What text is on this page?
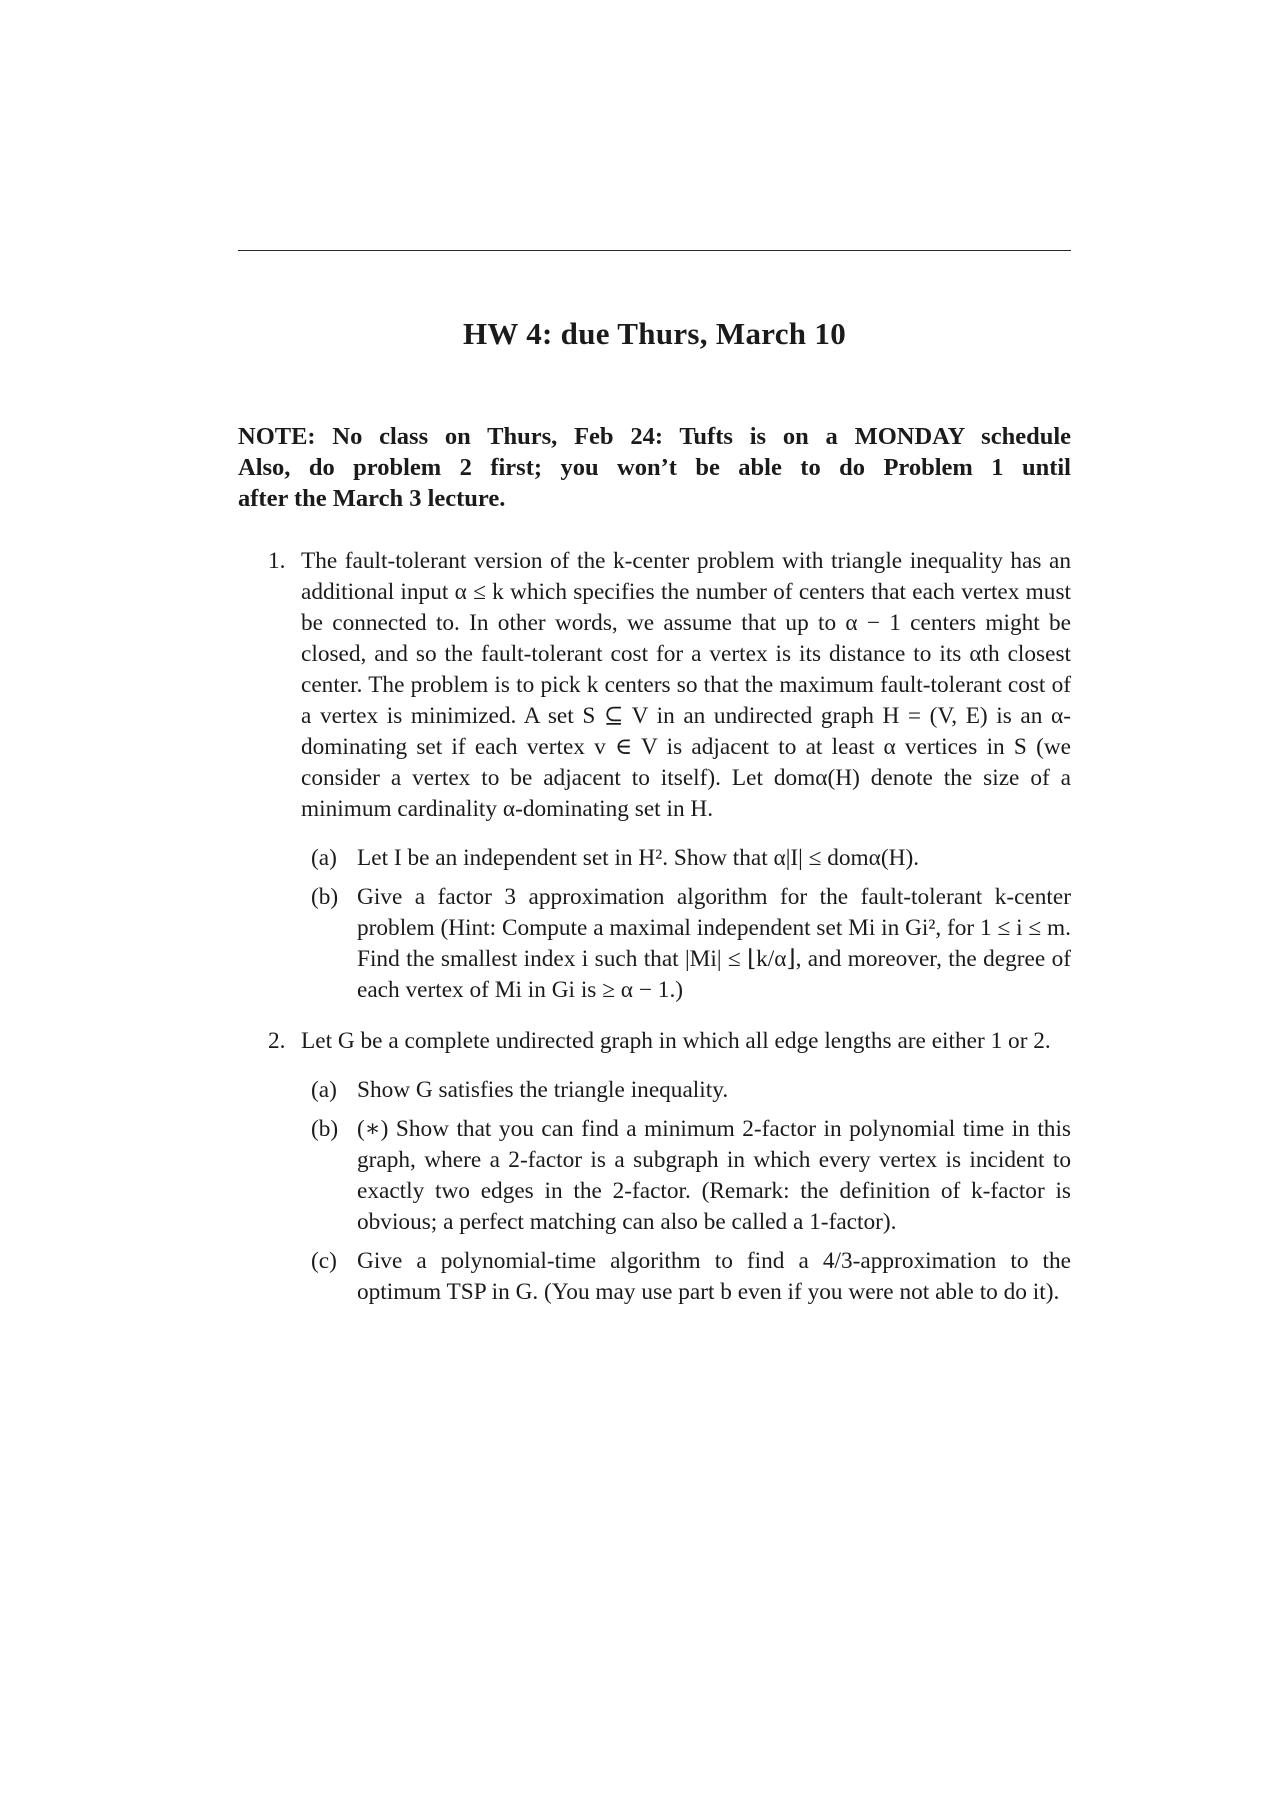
HW 4: due Thurs, March 10
NOTE: No class on Thurs, Feb 24: Tufts is on a MONDAY schedule
Also, do problem 2 first; you won’t be able to do Problem 1 until
after the March 3 lecture.
1. The fault-tolerant version of the k-center problem with triangle inequality has an additional input α ≤ k which specifies the number of centers that each vertex must be connected to. In other words, we assume that up to α − 1 centers might be closed, and so the fault-tolerant cost for a vertex is its distance to its αth closest center. The problem is to pick k centers so that the maximum fault-tolerant cost of a vertex is minimized. A set S ⊆ V in an undirected graph H = (V, E) is an α-dominating set if each vertex v ∈ V is adjacent to at least α vertices in S (we consider a vertex to be adjacent to itself). Let domα(H) denote the size of a minimum cardinality α-dominating set in H.

(a) Let I be an independent set in H². Show that α|I| ≤ domα(H).

(b) Give a factor 3 approximation algorithm for the fault-tolerant k-center problem (Hint: Compute a maximal independent set Mi in Gi², for 1 ≤ i ≤ m. Find the smallest index i such that |Mi| ≤ ⌊k/α⌋, and moreover, the degree of each vertex of Mi in Gi is ≥ α − 1.)

2. Let G be a complete undirected graph in which all edge lengths are either 1 or 2.

(a) Show G satisfies the triangle inequality.

(b) (∗) Show that you can find a minimum 2-factor in polynomial time in this graph, where a 2-factor is a subgraph in which every vertex is incident to exactly two edges in the 2-factor. (Remark: the definition of k-factor is obvious; a perfect matching can also be called a 1-factor).

(c) Give a polynomial-time algorithm to find a 4/3-approximation to the optimum TSP in G. (You may use part b even if you were not able to do it).
